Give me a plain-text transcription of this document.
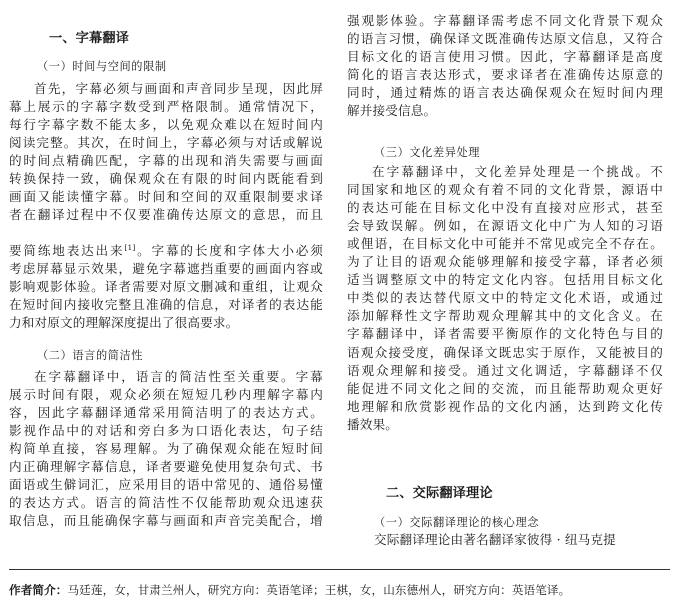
一、字幕翻译
（一）时间与空间的限制
首 先 ， 字 幕 必 须 与 画 面 和 声 音 同 步 呈 现 ， 因 此 屏
幕 上 展 示 的 字 幕 字 数 受 到 严 格 限 制 。 通 常 情 况 下 ，
每 行 字 幕 字 数 不 能 太 多 ， 以 免 观 众 难 以 在 短 时 间 内
阅 读 完 整 。 其 次 ， 在 时 间 上 ， 字 幕 必 须 与 对 话 或 解 说
的 时 间 点 精 确 匹 配 ， 字 幕 的 出 现 和 消 失 需 要 与 画 面
转 换 保 持 一 致 ， 确 保 观 众 在 有 限 的 时 间 内 既 能 看 到
画 面 又 能 读 懂 字 幕 。 时 间 和 空 间 的 双 重 限 制 要 求 译
者 在 翻 译 过 程 中 不 仅 要 准 确 传 达 原 文 的 意 思 ， 而 且
要 简 练 地 表 达 出 来 [1] 。 字 幕 的 长 度 和 字 体 大 小 必 须
考 虑 屏 幕 显 示 效 果 ， 避 免 字 幕 遮 挡 重 要 的 画 面 内 容 或
影 响 观 影 体 验 。 译 者 需 要 对 原 文 删 减 和 重 组 ， 让 观 众
在 短 时 间 内 接 收 完 整 且 准 确 的 信 息 ， 对 译 者 的 表 达 能
力和对原文的理解深度提出了很高要求。
（二）语言的简洁性
在 字 幕 翻 译 中 ， 语 言 的 简 洁 性 至 关 重 要 。 字 幕
展 示 时 间 有 限 ， 观 众 必 须 在 短 短 几 秒 内 理 解 字 幕 内
容 ， 因 此 字 幕 翻 译 通 常 采 用 简 洁 明 了 的 表 达 方 式 。
影 视 作 品 中 的 对 话 和 旁 白 多 为 口 语 化 表 达 ， 句 子 结
构 简 单 直 接 ， 容 易 理 解 。 为 了 确 保 观 众 能 在 短 时 间
内 正 确 理 解 字 幕 信 息 ， 译 者 要 避 免 使 用 复 杂 句 式 、 书
面 语 或 生 僻 词 汇 ， 应 采 用 目 的 语 中 常 见 的 、 通 俗 易 懂
的 表 达 方 式 。 语 言 的 简 洁 性 不 仅 能 帮 助 观 众 迅 速 获
取 信 息 ， 而 且 能 确 保 字 幕 与 画 面 和 声 音 完 美 配 合 ， 增
强 观 影 体 验 。 字 幕 翻 译 需 考 虑 不 同 文 化 背 景 下 观 众
的 语 言 习 惯 ， 确 保 译 文 既 准 确 传 达 原 文 信 息 ， 又 符 合
目 标 文 化 的 语 言 使 用 习 惯 。 因 此 ， 字 幕 翻 译 是 高 度
简 化 的 语 言 表 达 形 式 ， 要 求 译 者 在 准 确 传 达 原 意 的
同 时 ， 通 过 精 炼 的 语 言 表 达 确 保 观 众 在 短 时 间 内 理
解并接受信息。
（三）文化差异处理
在 字 幕 翻 译 中 ， 文 化 差 异 处 理 是 一 个 挑 战 。 不
同 国 家 和 地 区 的 观 众 有 着 不 同 的 文 化 背 景 ， 源 语 中
的 表 达 可 能 在 目 标 文 化 中 没 有 直 接 对 应 形 式 ， 甚 至
会 导 致 误 解 。 例 如 ， 在 源 语 文 化 中 广 为 人 知 的 习 语
或 俚 语 ， 在 目 标 文 化 中 可 能 并 不 常 见 或 完 全 不 存 在 。
为 了 让 目 的 语 观 众 能 够 理 解 和 接 受 字 幕 ， 译 者 必 须
适 当 调 整 原 文 中 的 特 定 文 化 内 容 。 包 括 用 目 标 文 化
中 类 似 的 表 达 替 代 原 文 中 的 特 定 文 化 术 语 ， 或 通 过
添 加 解 释 性 文 字 帮 助 观 众 理 解 其 中 的 文 化 含 义 。 在
字 幕 翻 译 中 ， 译 者 需 要 平 衡 原 作 的 文 化 特 色 与 目 的
语 观 众 接 受 度 ， 确 保 译 文 既 忠 实 于 原 作 ， 又 能 被 目 的
语 观 众 理 解 和 接 受 。 通 过 文 化 调 适 ， 字 幕 翻 译 不 仅
能 促 进 不 同 文 化 之 间 的 交 流 ， 而 且 能 帮 助 观 众 更 好
地 理 解 和 欣 赏 影 视 作 品 的 文 化 内 涵 ， 达 到 跨 文 化 传
播效果。
二、交际翻译理论
（一）交际翻译理论的核心理念
交际翻译理论由著名翻译家彼得 · 纽马克提
作者简介：马廷莲，女，甘肃兰州人，研究方向：英语笔译；王棋，女，山东德州人，研究方向：英语笔译。
